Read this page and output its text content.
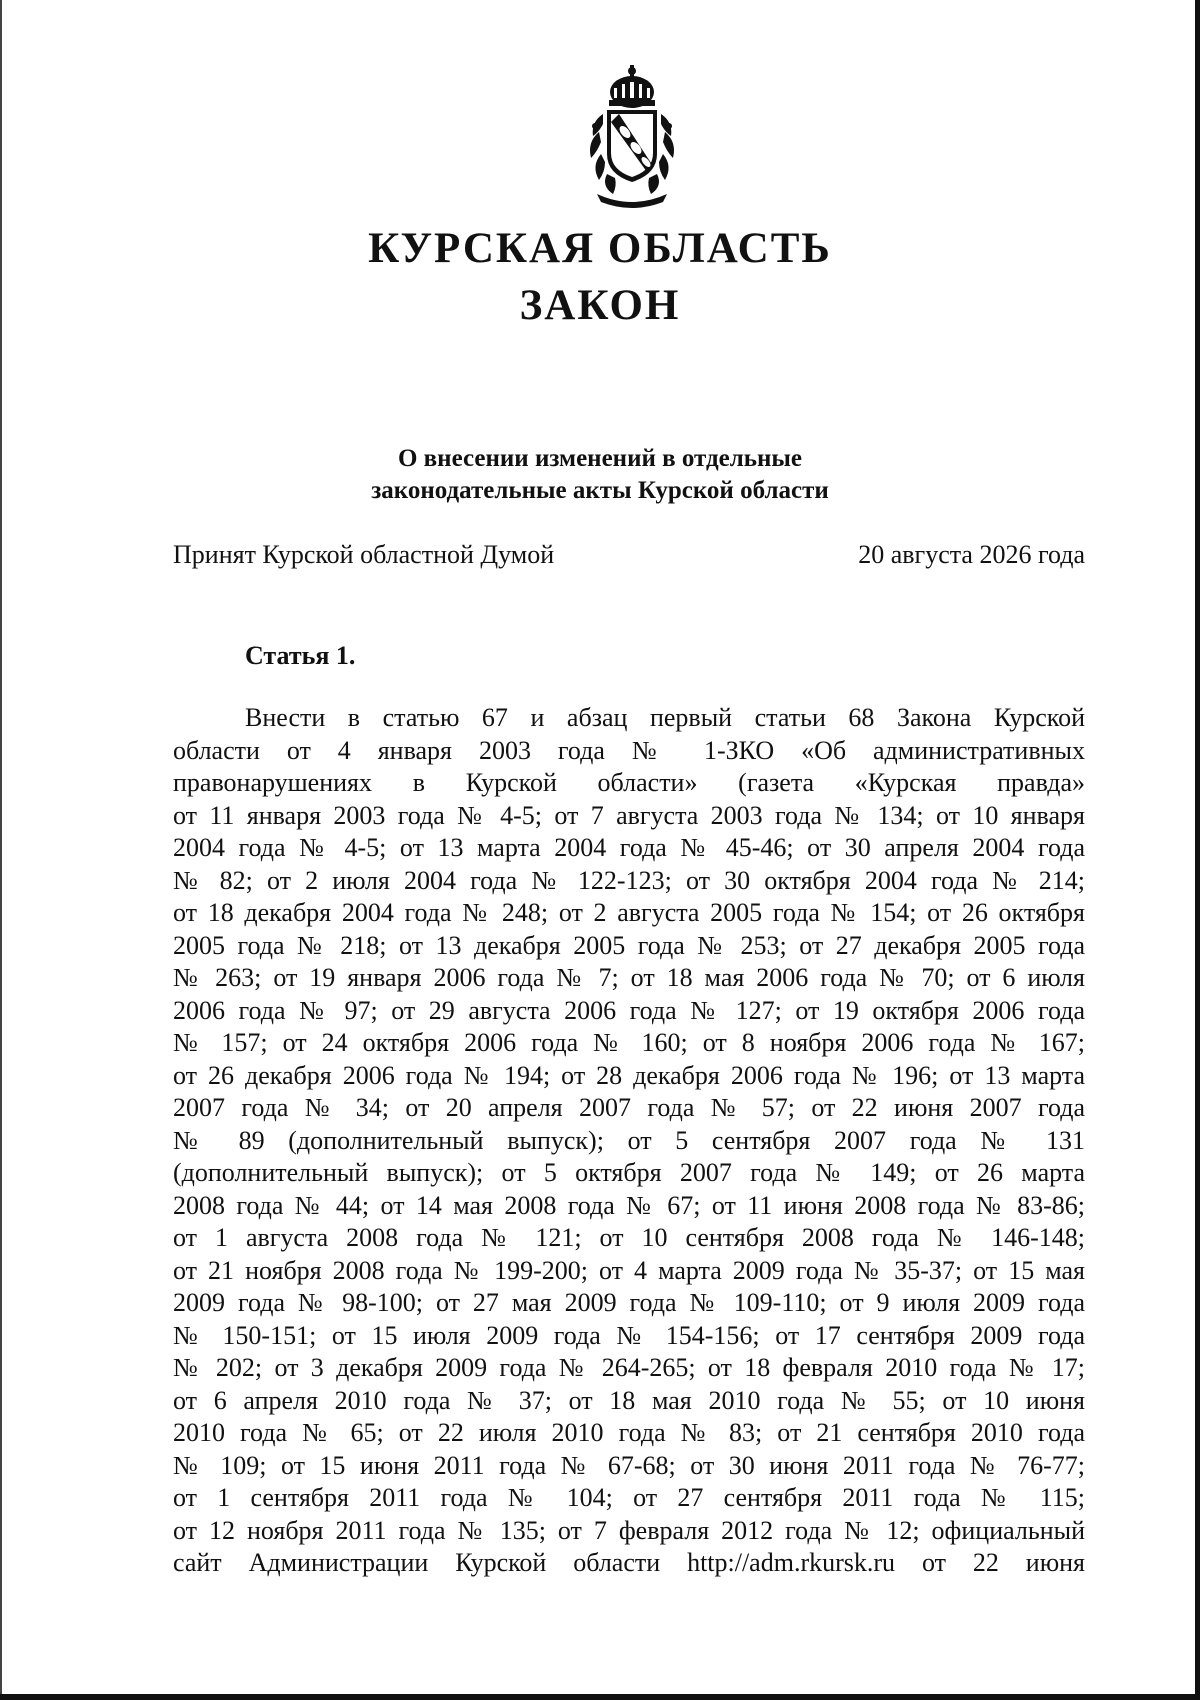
КУРСКАЯ ОБЛАСТЬ
ЗАКОН
О внесении изменений в отдельные
законодательные акты Курской области
Принят Курской областной Думой	20 августа 2026 года
Статья 1.
Внести в статью 67 и абзац первый статьи 68 Закона Курской
области от 4 января 2003 года № 1-ЗКО «Об административных
правонарушениях в Курской области» (газета «Курская правда»
от 11 января 2003 года № 4-5; от 7 августа 2003 года № 134; от 10 января
2004 года № 4-5; от 13 марта 2004 года № 45-46; от 30 апреля 2004 года
№ 82; от 2 июля 2004 года № 122-123; от 30 октября 2004 года № 214;
от 18 декабря 2004 года № 248; от 2 августа 2005 года № 154; от 26 октября
2005 года № 218; от 13 декабря 2005 года № 253; от 27 декабря 2005 года
№ 263; от 19 января 2006 года № 7; от 18 мая 2006 года № 70; от 6 июля
2006 года № 97; от 29 августа 2006 года № 127; от 19 октября 2006 года
№ 157; от 24 октября 2006 года № 160; от 8 ноября 2006 года № 167;
от 26 декабря 2006 года № 194; от 28 декабря 2006 года № 196; от 13 марта
2007 года № 34; от 20 апреля 2007 года № 57; от 22 июня 2007 года
№ 89 (дополнительный выпуск); от 5 сентября 2007 года № 131
(дополнительный выпуск); от 5 октября 2007 года № 149; от 26 марта
2008 года № 44; от 14 мая 2008 года № 67; от 11 июня 2008 года № 83-86;
от 1 августа 2008 года № 121; от 10 сентября 2008 года № 146-148;
от 21 ноября 2008 года № 199-200; от 4 марта 2009 года № 35-37; от 15 мая
2009 года № 98-100; от 27 мая 2009 года № 109-110; от 9 июля 2009 года
№ 150-151; от 15 июля 2009 года № 154-156; от 17 сентября 2009 года
№ 202; от 3 декабря 2009 года № 264-265; от 18 февраля 2010 года № 17;
от 6 апреля 2010 года № 37; от 18 мая 2010 года № 55; от 10 июня
2010 года № 65; от 22 июля 2010 года № 83; от 21 сентября 2010 года
№ 109; от 15 июня 2011 года № 67-68; от 30 июня 2011 года № 76-77;
от 1 сентября 2011 года № 104; от 27 сентября 2011 года № 115;
от 12 ноября 2011 года № 135; от 7 февраля 2012 года № 12; официальный
сайт Администрации Курской области http://adm.rkursk.ru от 22 июня
